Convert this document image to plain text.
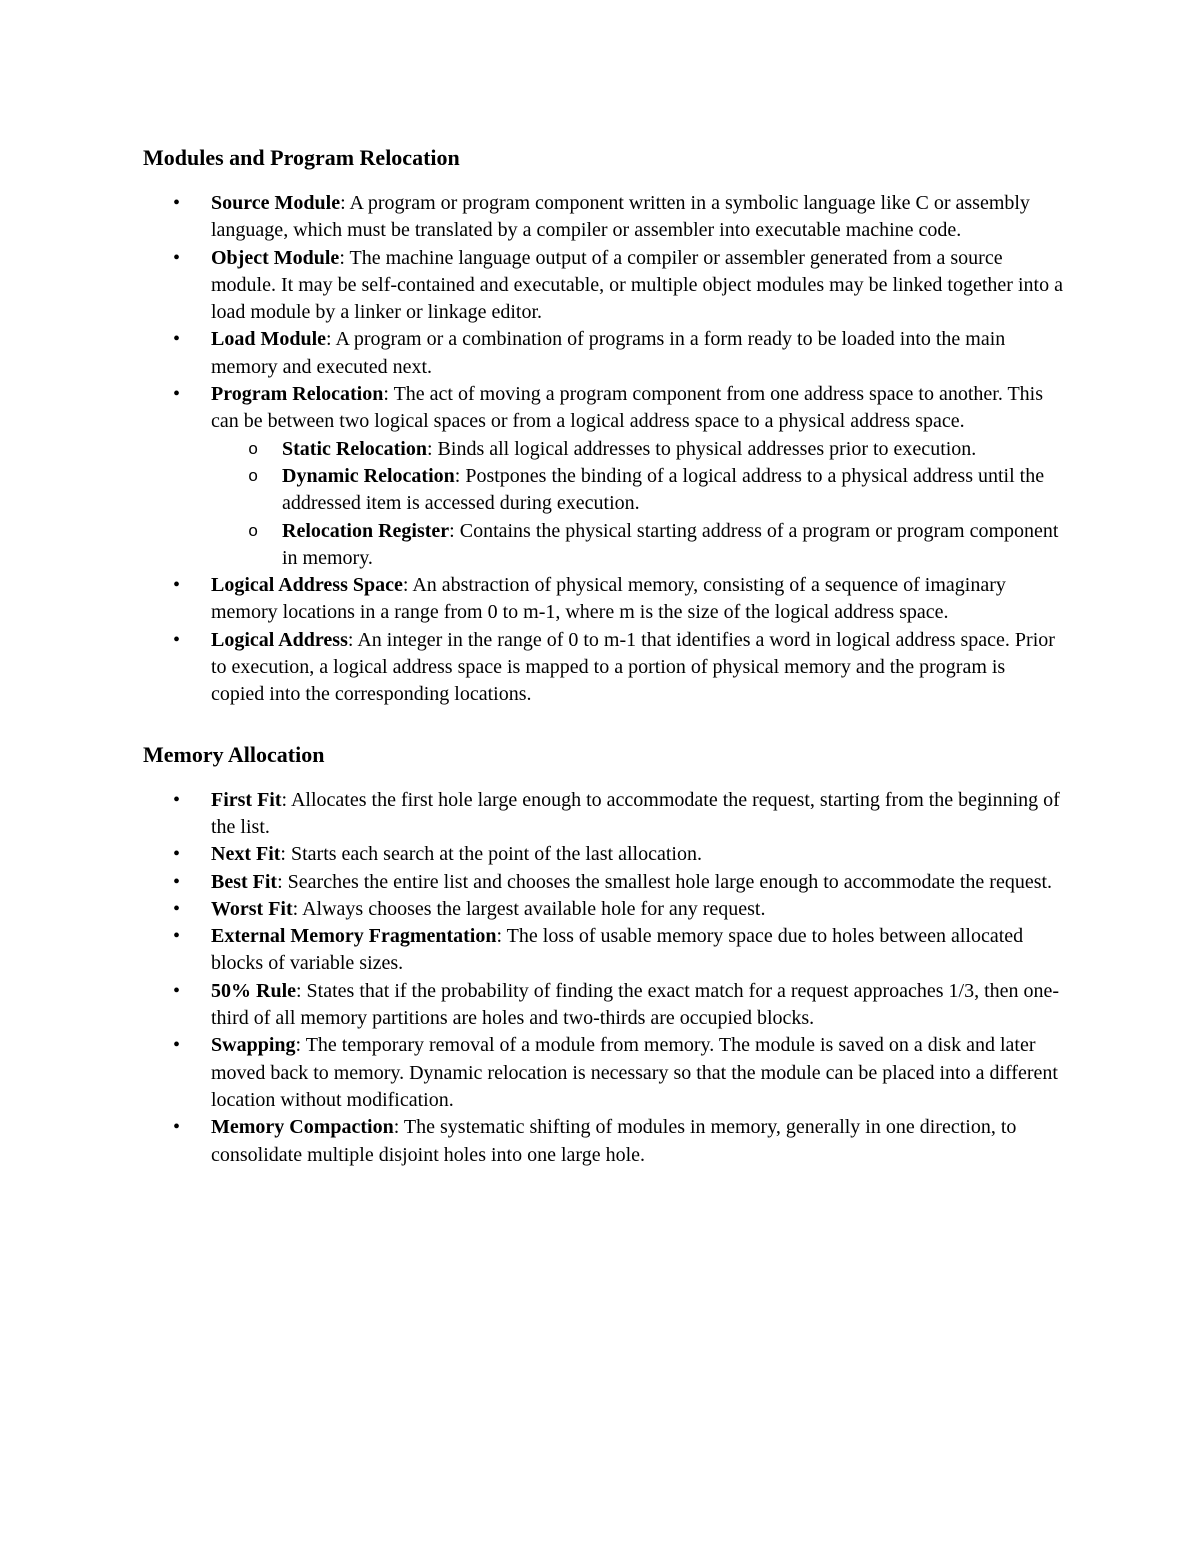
Modules and Program Relocation
• Source Module: A program or program component written in a symbolic language like C or assembly language, which must be translated by a compiler or assembler into executable machine code.
• Object Module: The machine language output of a compiler or assembler generated from a source module. It may be self-contained and executable, or multiple object modules may be linked together into a load module by a linker or linkage editor.
• Load Module: A program or a combination of programs in a form ready to be loaded into the main memory and executed next.
• Program Relocation: The act of moving a program component from one address space to another. This can be between two logical spaces or from a logical address space to a physical address space.
o Static Relocation: Binds all logical addresses to physical addresses prior to execution.
o Dynamic Relocation: Postpones the binding of a logical address to a physical address until the addressed item is accessed during execution.
o Relocation Register: Contains the physical starting address of a program or program component in memory.
• Logical Address Space: An abstraction of physical memory, consisting of a sequence of imaginary memory locations in a range from 0 to m-1, where m is the size of the logical address space.
• Logical Address: An integer in the range of 0 to m-1 that identifies a word in logical address space. Prior to execution, a logical address space is mapped to a portion of physical memory and the program is copied into the corresponding locations.
Memory Allocation
• First Fit: Allocates the first hole large enough to accommodate the request, starting from the beginning of the list.
• Next Fit: Starts each search at the point of the last allocation.
• Best Fit: Searches the entire list and chooses the smallest hole large enough to accommodate the request.
• Worst Fit: Always chooses the largest available hole for any request.
• External Memory Fragmentation: The loss of usable memory space due to holes between allocated blocks of variable sizes.
• 50% Rule: States that if the probability of finding the exact match for a request approaches 1/3, then one-third of all memory partitions are holes and two-thirds are occupied blocks.
• Swapping: The temporary removal of a module from memory. The module is saved on a disk and later moved back to memory. Dynamic relocation is necessary so that the module can be placed into a different location without modification.
• Memory Compaction: The systematic shifting of modules in memory, generally in one direction, to consolidate multiple disjoint holes into one large hole.
